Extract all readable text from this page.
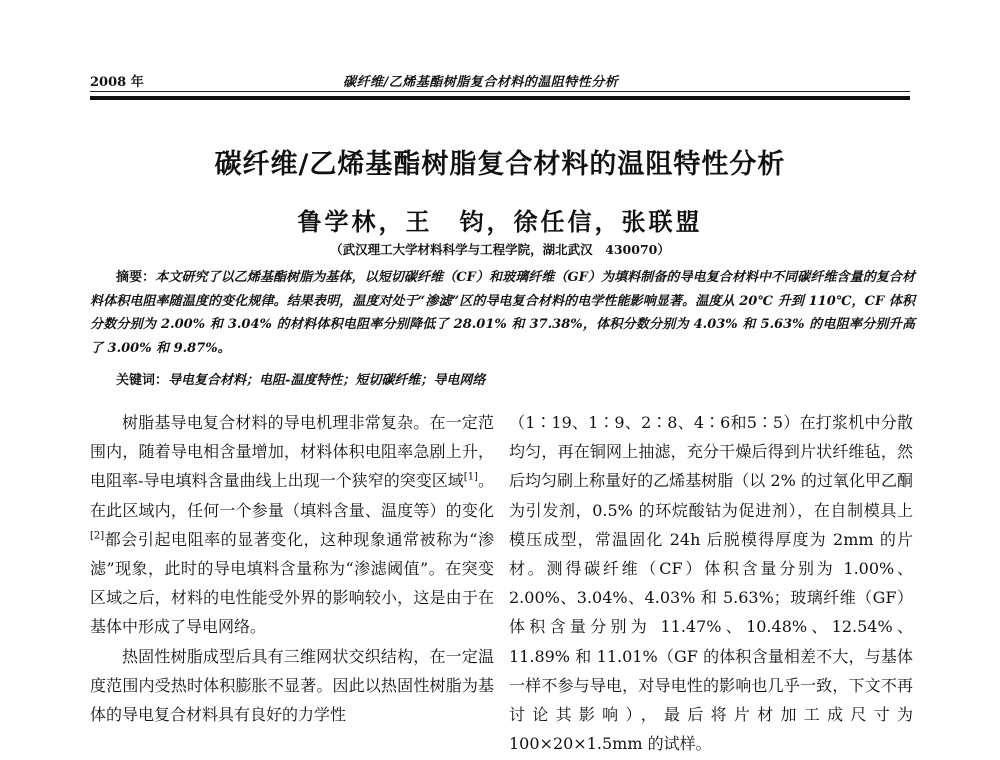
2008 年	碳纤维/乙烯基酯树脂复合材料的温阻特性分析
碳纤维/乙烯基酯树脂复合材料的温阻特性分析
鲁学林，王　钧，徐任信，张联盟
（武汉理工大学材料科学与工程学院，湖北武汉　430070）
摘要：本文研究了以乙烯基酯树脂为基体，以短切碳纤维（CF）和玻璃纤维（GF）为填料制备的导电复合材料中不同碳纤维含量的复合材料体积电阻率随温度的变化规律。结果表明，温度对处于“渗滤”区的导电复合材料的电学性能影响显著。温度从 20℃ 升到 110℃，CF 体积分数分别为 2.00% 和 3.04% 的材料体积电阻率分别降低了 28.01% 和 37.38%，体积分数分别为 4.03% 和 5.63% 的电阻率分别升高了 3.00% 和 9.87%。
关键词：导电复合材料；电阻-温度特性；短切碳纤维；导电网络

树脂基导电复合材料的导电机理非常复杂。在一定范围内，随着导电相含量增加，材料体积电阻率急剧上升，电阻率-导电填料含量曲线上出现一个狭窄的突变区域[1]。在此区域内，任何一个参量（填料含量、温度等）的变化[2]都会引起电阻率的显著变化，这种现象通常被称为“渗滤”现象，此时的导电填料含量称为“渗滤阈值”。在突变区域之后，材料的电性能受外界的影响较小，这是由于在基体中形成了导电网络。

热固性树脂成型后具有三维网状交织结构，在一定温度范围内受热时体积膨胀不显著。因此以热固性树脂为基体的导电复合材料具有良好的力学性

（1∶19、1∶9、2∶8、4∶6和5∶5）在打浆机中分散均匀，再在铜网上抽滤，充分干燥后得到片状纤维毡，然后均匀刷上称量好的乙烯基树脂（以 2% 的过氧化甲乙酮为引发剂，0.5% 的环烷酸钴为促进剂），在自制模具上模压成型，常温固化 24h 后脱模得厚度为 2mm 的片材。测得碳纤维（CF）体积含量分别为 1.00%、2.00%、3.04%、4.03% 和 5.63%；玻璃纤维（GF）体积含量分别为 11.47%、10.48%、12.54%、11.89% 和 11.01%（GF 的体积含量相差不大，与基体一样不参与导电，对导电性的影响也几乎一致，下文不再讨论其影响），最后将片材加工成尺寸为 100×20×1.5mm 的试样。
